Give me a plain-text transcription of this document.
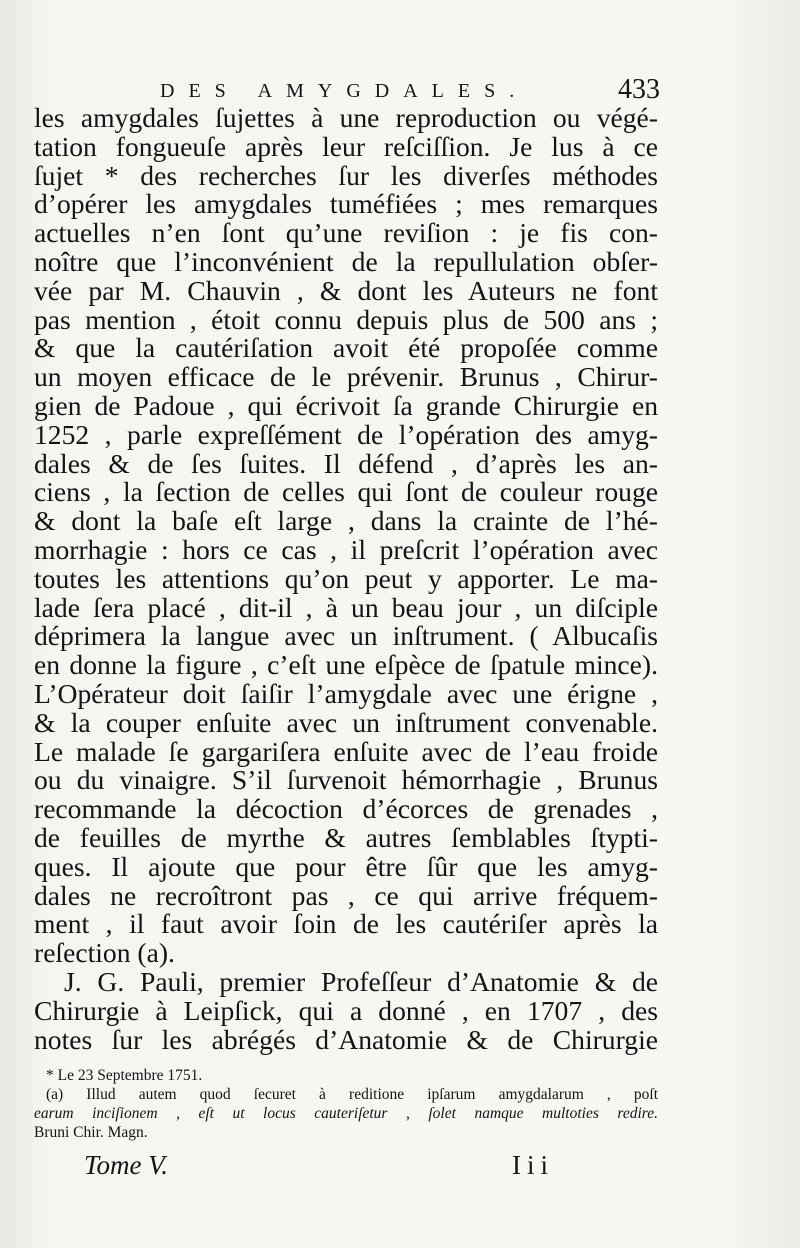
DES AMYGDALES.	433
les amygdales ſujettes à une reproduction ou végé-
tation fongueuſe après leur reſciſſion. Je lus à ce
ſujet * des recherches ſur les diverſes méthodes
d’opérer les amygdales tuméfiées ; mes remarques
actuelles n’en ſont qu’une reviſion : je fis con-
noître que l’inconvénient de la repullulation obſer-
vée par M. Chauvin , & dont les Auteurs ne font
pas mention , étoit connu depuis plus de 500 ans ;
& que la cautériſation avoit été propoſée comme
un moyen efficace de le prévenir. Brunus , Chirur-
gien de Padoue , qui écrivoit ſa grande Chirurgie en
1252 , parle expreſſément de l’opération des amyg-
dales & de ſes ſuites. Il défend , d’après les an-
ciens , la ſection de celles qui ſont de couleur rouge
& dont la baſe eſt large , dans la crainte de l’hé-
morrhagie : hors ce cas , il preſcrit l’opération avec
toutes les attentions qu’on peut y apporter. Le ma-
lade ſera placé , dit-il , à un beau jour , un diſciple
déprimera la langue avec un inſtrument. ( Albucaſis
en donne la figure , c’eſt une eſpèce de ſpatule mince).
L’Opérateur doit ſaiſir l’amygdale avec une érigne ,
& la couper enſuite avec un inſtrument convenable.
Le malade ſe gargariſera enſuite avec de l’eau froide
ou du vinaigre. S’il ſurvenoit hémorrhagie , Brunus
recommande la décoction d’écorces de grenades ,
de feuilles de myrthe & autres ſemblables ſtypti-
ques. Il ajoute que pour être ſûr que les amyg-
dales ne recroîtront pas , ce qui arrive fréquem-
ment , il faut avoir ſoin de les cautériſer après la
reſection (a).
J. G. Pauli, premier Profeſſeur d’Anatomie & de
Chirurgie à Leipſick, qui a donné , en 1707 , des
notes ſur les abrégés d’Anatomie & de Chirurgie
* Le 23 Septembre 1751.
(a) Illud autem quod ſecuret à reditione ipſarum amygdalarum , poſt
earum inciſionem , eſt ut locus cauteriſetur , ſolet namque multoties redire.
Bruni Chir. Magn.
Tome V.	Iii
